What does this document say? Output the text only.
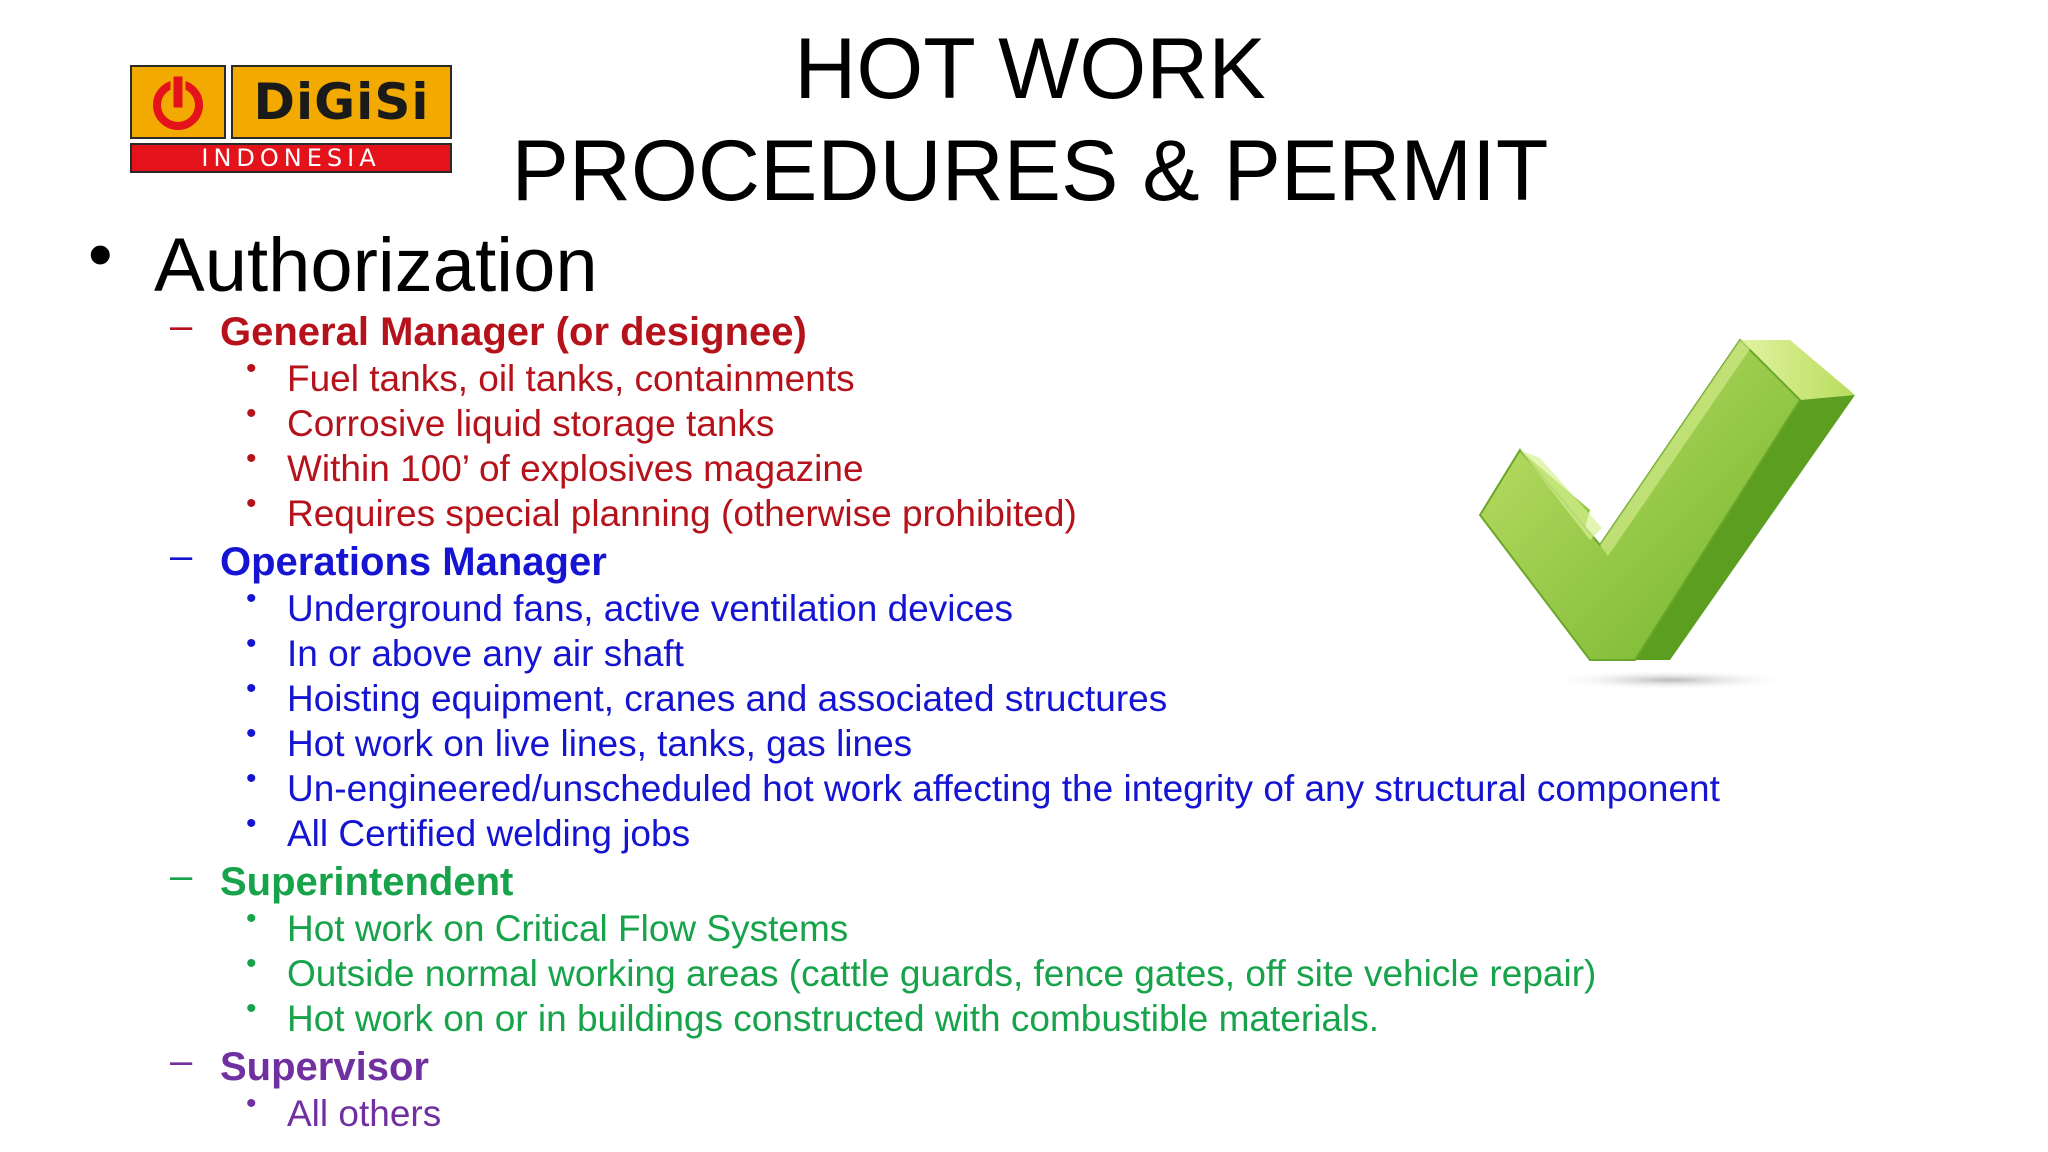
DiGiSi
INDONESIA
HOT WORK
PROCEDURES & PERMIT
• Authorization
– General Manager (or designee)
• Fuel tanks, oil tanks, containments
• Corrosive liquid storage tanks
• Within 100’ of explosives magazine
• Requires special planning (otherwise prohibited)
– Operations Manager
• Underground fans, active ventilation devices
• In or above any air shaft
• Hoisting equipment, cranes and associated structures
• Hot work on live lines, tanks, gas lines
• Un-engineered/unscheduled hot work affecting the integrity of any structural component
• All Certified welding jobs
– Superintendent
• Hot work on Critical Flow Systems
• Outside normal working areas (cattle guards, fence gates, off site vehicle repair)
• Hot work on or in buildings constructed with combustible materials.
– Supervisor
• All others
